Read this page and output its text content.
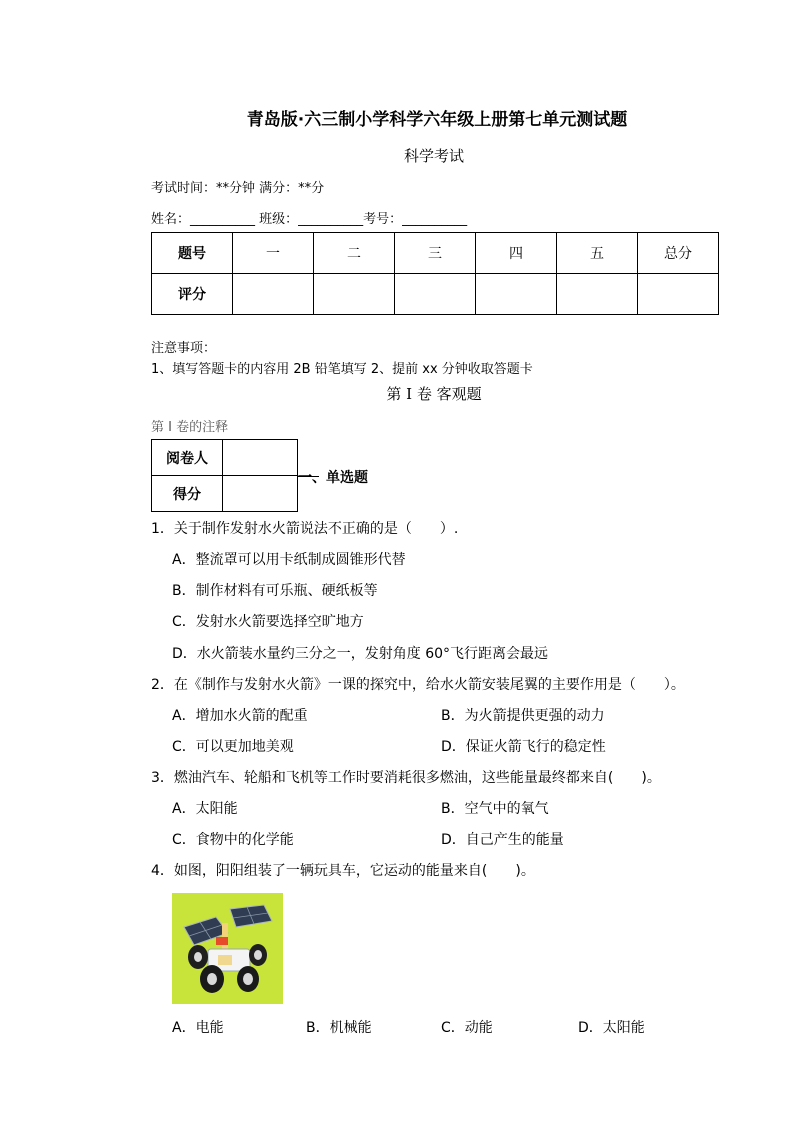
青岛版·六三制小学科学六年级上册第七单元测试题
科学考试
考试时间：**分钟 满分：**分
姓名：__________ 班级：__________考号：__________
题号	一	二	三	四	五	总分
评分						
注意事项：
1、填写答题卡的内容用 2B 铅笔填写 2、提前 xx 分钟收取答题卡
第 I 卷 客观题
第 I 卷的注释
阅卷人	
得分	
一、单选题
1．关于制作发射水火箭说法不正确的是（　　）.
A．整流罩可以用卡纸制成圆锥形代替
B．制作材料有可乐瓶、硬纸板等
C．发射水火箭要选择空旷地方
D．水火箭装水量约三分之一，发射角度 60°飞行距离会最远
2．在《制作与发射水火箭》一课的探究中，给水火箭安装尾翼的主要作用是（　　）。
A．增加水火箭的配重	B．为火箭提供更强的动力
C．可以更加地美观	D．保证火箭飞行的稳定性
3．燃油汽车、轮船和飞机等工作时要消耗很多燃油，这些能量最终都来自(　　)。
A．太阳能	B．空气中的氧气
C．食物中的化学能	D．自己产生的能量
4．如图，阳阳组装了一辆玩具车，它运动的能量来自(　　)。
A．电能	B．机械能	C．动能	D．太阳能
